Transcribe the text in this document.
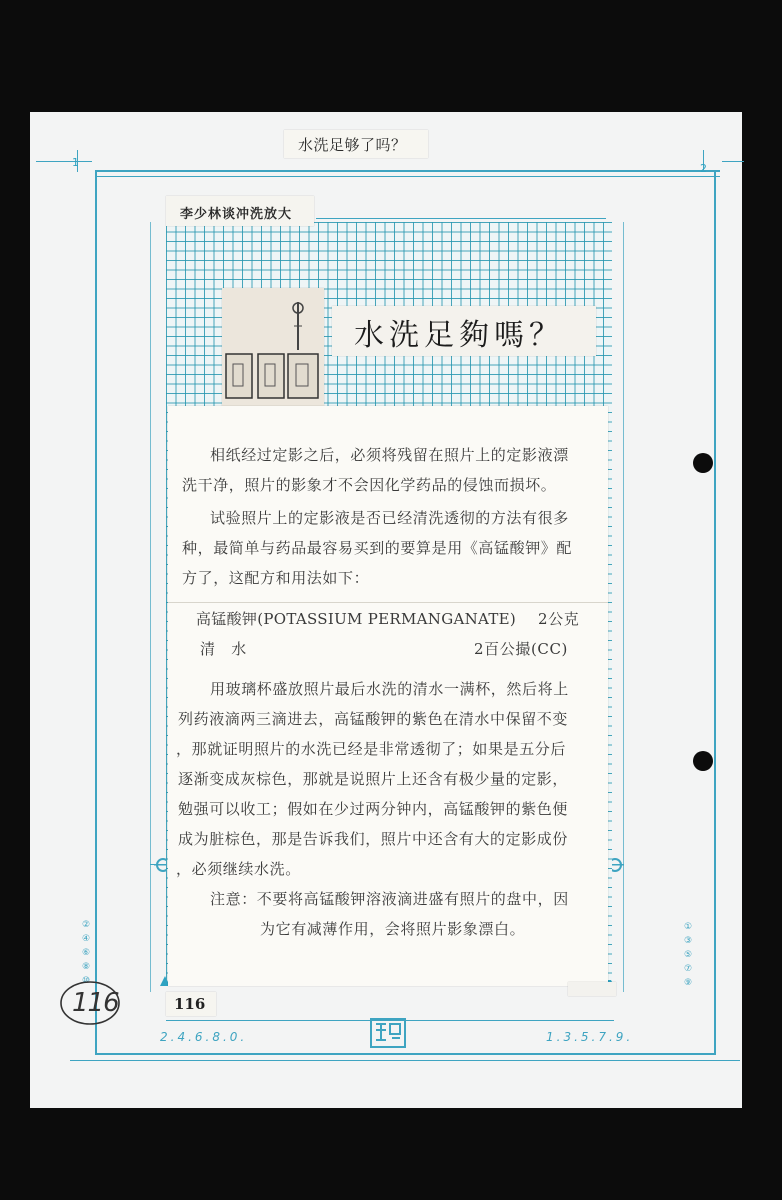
1	2
②
④
⑥
⑧
⑩
①
③
⑤
⑦
⑨
2.4.6.8.0.	1.3.5.7.9.
116
水洗足够了吗？
李少林谈冲洗放大
水洗足夠嗎？
相纸经过定影之后，必须将残留在照片上的定影液漂
洗干净，照片的影象才不会因化学药品的侵蚀而损坏。
试验照片上的定影液是否已经清洗透彻的方法有很多
种，最简单与药品最容易买到的要算是用《高锰酸钾》配
方了，这配方和用法如下：
高锰酸钾(POTASSIUM PERMANGANATE) 2公克
清　水	2百公撮(CC)
用玻璃杯盛放照片最后水洗的清水一满杯，然后将上
列药液滴两三滴进去，高锰酸钾的紫色在清水中保留不变
，那就证明照片的水洗已经是非常透彻了；如果是五分后
逐渐变成灰棕色，那就是说照片上还含有极少量的定影，
勉强可以收工；假如在少过两分钟内，高锰酸钾的紫色便
成为脏棕色，那是告诉我们，照片中还含有大的定影成份
，必须继续水洗。
注意：不要将高锰酸钾溶液滴进盛有照片的盘中，因
为它有减薄作用，会将照片影象漂白。
116
